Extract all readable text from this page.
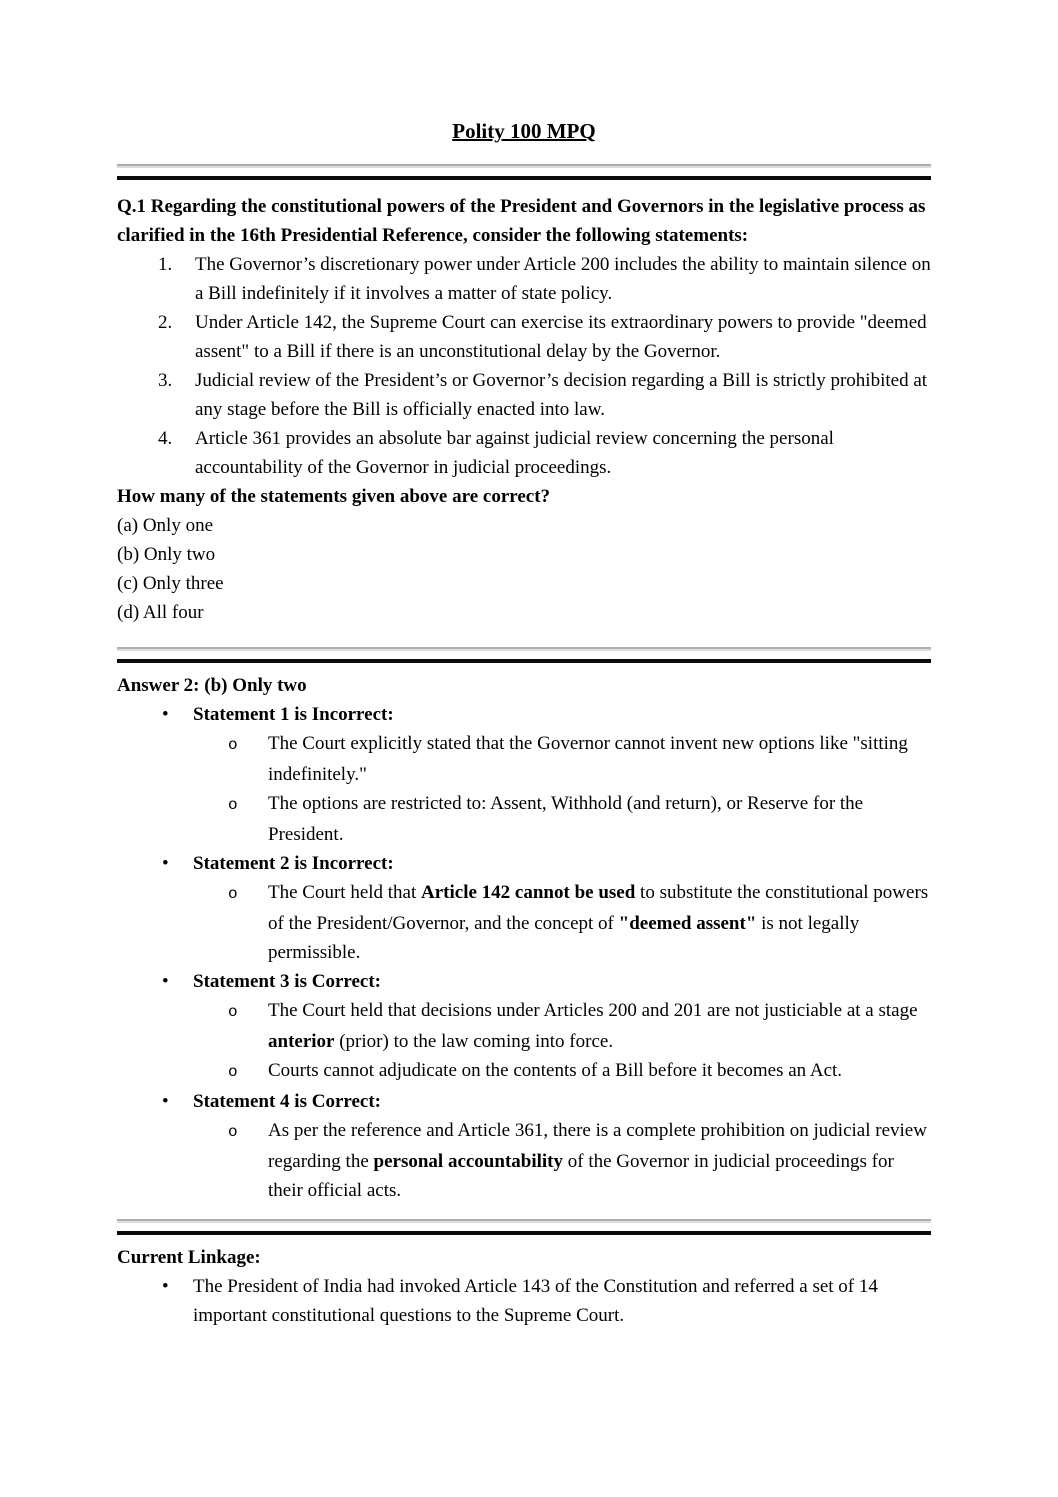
Polity 100 MPQ

Q.1 Regarding the constitutional powers of the President and Governors in the legislative process as clarified in the 16th Presidential Reference, consider the following statements:

1. The Governor’s discretionary power under Article 200 includes the ability to maintain silence on a Bill indefinitely if it involves a matter of state policy.
2. Under Article 142, the Supreme Court can exercise its extraordinary powers to provide "deemed assent" to a Bill if there is an unconstitutional delay by the Governor.
3. Judicial review of the President’s or Governor’s decision regarding a Bill is strictly prohibited at any stage before the Bill is officially enacted into law.
4. Article 361 provides an absolute bar against judicial review concerning the personal accountability of the Governor in judicial proceedings.

How many of the statements given above are correct?

(a) Only one

(b) Only two

(c) Only three

(d) All four

Answer 2: (b) Only two

• Statement 1 is Incorrect:
o The Court explicitly stated that the Governor cannot invent new options like "sitting indefinitely."
o The options are restricted to: Assent, Withhold (and return), or Reserve for the President.
• Statement 2 is Incorrect:
o The Court held that Article 142 cannot be used to substitute the constitutional powers of the President/Governor, and the concept of "deemed assent" is not legally permissible.
• Statement 3 is Correct:
o The Court held that decisions under Articles 200 and 201 are not justiciable at a stage anterior (prior) to the law coming into force.
o Courts cannot adjudicate on the contents of a Bill before it becomes an Act.
• Statement 4 is Correct:
o As per the reference and Article 361, there is a complete prohibition on judicial review regarding the personal accountability of the Governor in judicial proceedings for their official acts.

Current Linkage:

• The President of India had invoked Article 143 of the Constitution and referred a set of 14 important constitutional questions to the Supreme Court.
